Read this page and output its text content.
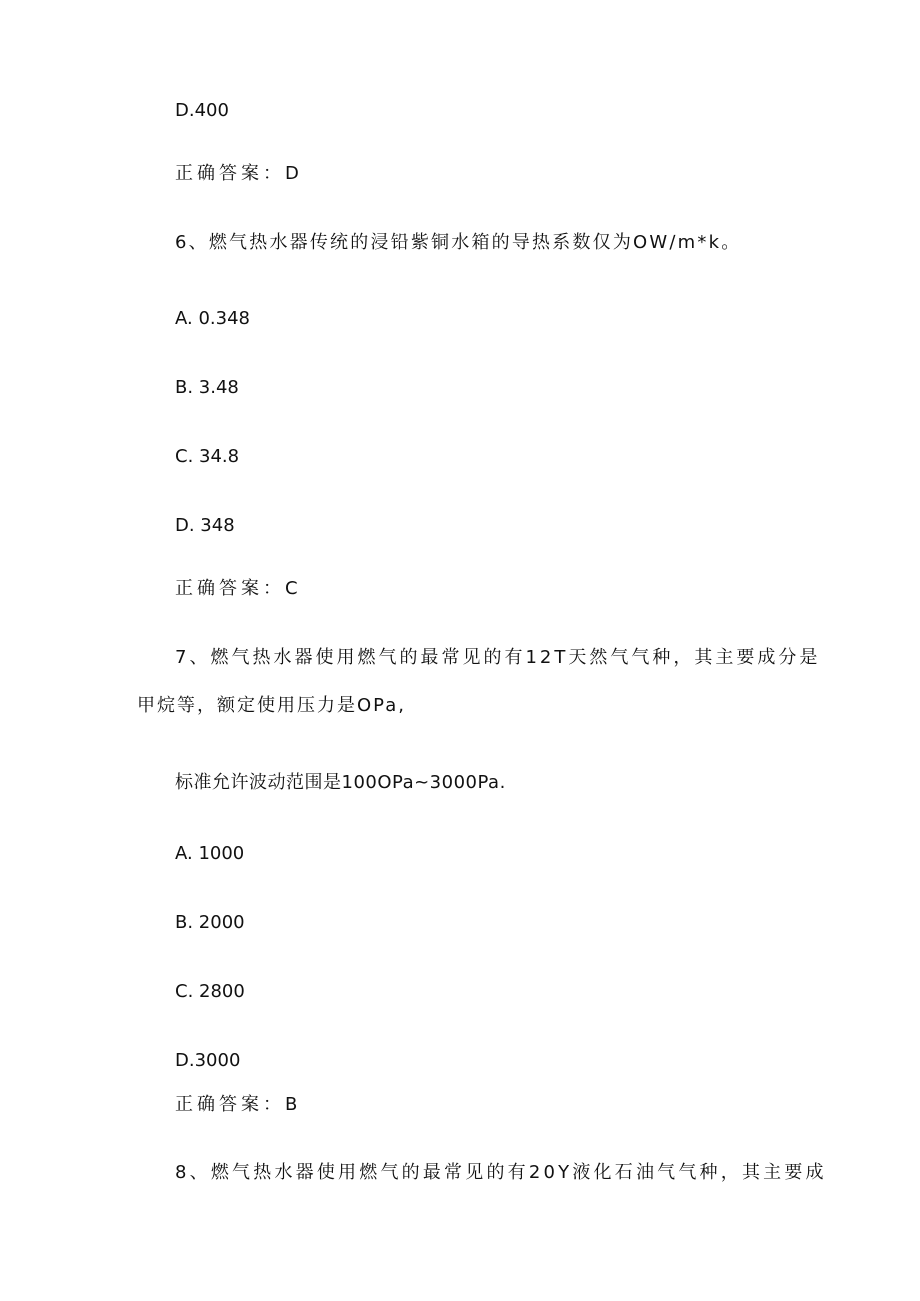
D.400
正确答案：D
6、燃气热水器传统的浸铅紫铜水箱的导热系数仅为OW∕m*k。
A. 0.348
B. 3.48
C. 34.8
D. 348
正确答案：C
7、燃气热水器使用燃气的最常见的有12T天然气气种，其主要成分是
甲烷等，额定使用压力是OPa,
标准允许波动范围是100OPa~3000Pa.
A. 1000
B. 2000
C. 2800
D.3000
正确答案：B
8、燃气热水器使用燃气的最常见的有20Y液化石油气气种，其主要成
